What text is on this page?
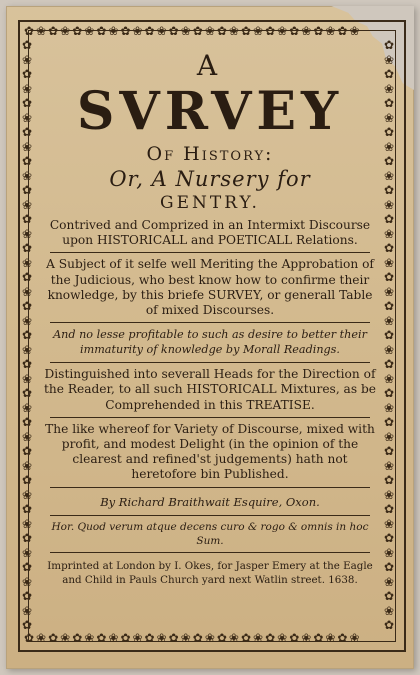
✿❀✿❀✿❀✿❀✿❀✿❀✿❀✿❀✿❀✿❀✿❀✿❀✿❀✿❀
✿❀✿❀✿❀✿❀✿❀✿❀✿❀✿❀✿❀✿❀✿❀✿❀✿❀✿❀
✿❀✿❀✿❀✿❀✿❀✿❀✿❀✿❀✿❀✿❀✿❀✿❀✿❀✿❀✿❀✿❀✿❀✿❀✿❀✿❀✿
✿❀✿❀✿❀✿❀✿❀✿❀✿❀✿❀✿❀✿❀✿❀✿❀✿❀✿❀✿❀✿❀✿❀✿❀✿❀✿❀✿
A
SVRVEY
Of History:
Or, A Nursery for
GENTRY.
Contrived and Comprized in an Intermixt Discourse upon HISTORICALL and POETICALL Relations.
A Subject of it selfe well Meriting the Approbation of the Judicious, who best know how to confirme their knowledge, by this briefe SURVEY, or generall Table of mixed Discourses.
And no lesse profitable to such as desire to better their immaturity of knowledge by Morall Readings.
Distinguished into severall Heads for the Direction of the Reader, to all such HISTORICALL Mixtures, as be Comprehended in this TREATISE.
The like whereof for Variety of Discourse, mixed with profit, and modest Delight (in the opinion of the clearest and refined'st judgements) hath not heretofore bin Published.
By Richard Braithwait Esquire, Oxon.
Hor. Quod verum atque decens curo & rogo & omnis in hoc Sum.
Imprinted at London by I. Okes, for Jasper Emery at the Eagle and Child in Pauls Church yard next Watlin street. 1638.
